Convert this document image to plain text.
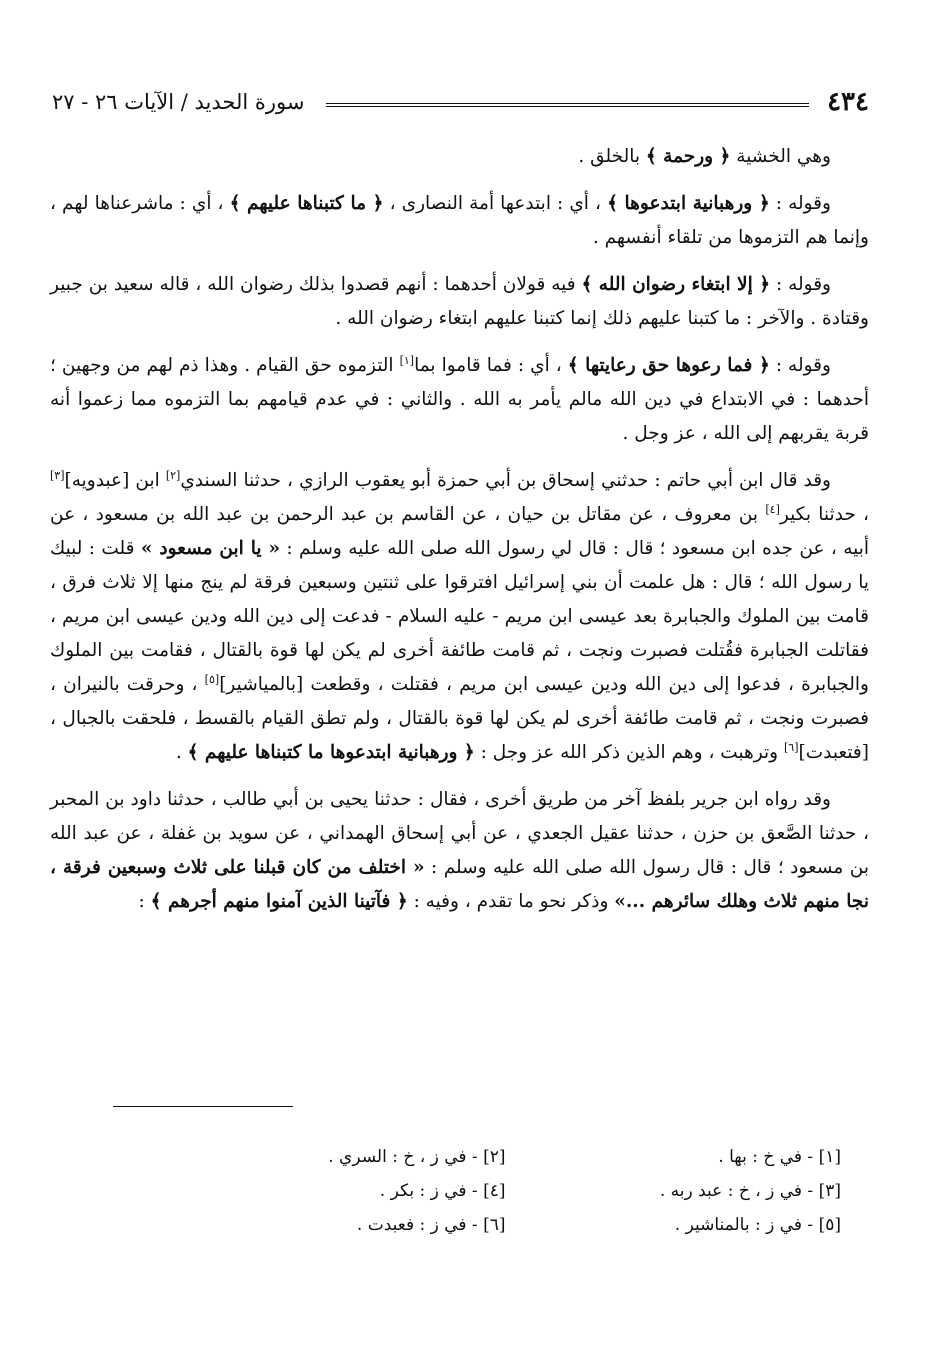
٤٣٤
سورة الحديد / الآيات ٢٦ - ٢٧

وهي الخشية ﴿ ورحمة ﴾ بالخلق .

وقوله : ﴿ ورهبانية ابتدعوها ﴾ ، أي : ابتدعها أمة النصارى ، ﴿ ما كتبناها عليهم ﴾ ، أي : ماشرعناها لهم ، وإنما هم التزموها من تلقاء أنفسهم .

وقوله : ﴿ إلا ابتغاء رضوان الله ﴾ فيه قولان أحدهما : أنهم قصدوا بذلك رضوان الله ، قاله سعيد بن جبير وقتادة . والآخر : ما كتبنا عليهم ذلك إنما كتبنا عليهم ابتغاء رضوان الله .

وقوله : ﴿ فما رعوها حق رعايتها ﴾ ، أي : فما قاموا بما[١] التزموه حق القيام . وهذا ذم لهم من وجهين ؛ أحدهما : في الابتداع في دين الله مالم يأمر به الله . والثاني : في عدم قيامهم بما التزموه مما زعموا أنه قربة يقربهم إلى الله ، عز وجل .

وقد قال ابن أبي حاتم : حدثني إسحاق بن أبي حمزة أبو يعقوب الرازي ، حدثنا السندي[٢] ابن [عبدويه][٣] ، حدثنا بكير[٤] بن معروف ، عن مقاتل بن حيان ، عن القاسم بن عبد الرحمن بن عبد الله بن مسعود ، عن أبيه ، عن جده ابن مسعود ؛ قال : قال لي رسول الله صلى الله عليه وسلم : « يا ابن مسعود » قلت : لبيك يا رسول الله ؛ قال : هل علمت أن بني إسرائيل افترقوا على ثنتين وسبعين فرقة لم ينج منها إلا ثلاث فرق ، قامت بين الملوك والجبابرة بعد عيسى ابن مريم - عليه السلام - فدعت إلى دين الله ودين عيسى ابن مريم ، فقاتلت الجبابرة فقُتلت فصبرت ونجت ، ثم قامت طائفة أخرى لم يكن لها قوة بالقتال ، فقامت بين الملوك والجبابرة ، فدعوا إلى دين الله ودين عيسى ابن مريم ، فقتلت ، وقطعت [بالمياشير][٥] ، وحرقت بالنيران ، فصبرت ونجت ، ثم قامت طائفة أخرى لم يكن لها قوة بالقتال ، ولم تطق القيام بالقسط ، فلحقت بالجبال ، [فتعبدت][٦] وترهبت ، وهم الذين ذكر الله عز وجل : ﴿ ورهبانية ابتدعوها ما كتبناها عليهم ﴾ .

وقد رواه ابن جرير بلفظ آخر من طريق أخرى ، فقال : حدثنا يحيى بن أبي طالب ، حدثنا داود بن المحبر ، حدثنا الصَّعق بن حزن ، حدثنا عقيل الجعدي ، عن أبي إسحاق الهمداني ، عن سويد بن غفلة ، عن عبد الله بن مسعود ؛ قال : قال رسول الله صلى الله عليه وسلم : « اختلف من كان قبلنا على ثلاث وسبعين فرقة ، نجا منهم ثلاث وهلك سائرهم ...» وذكر نحو ما تقدم ، وفيه : ﴿ فآتينا الذين آمنوا منهم أجرهم ﴾ :

[١] - في خ : بها .
[٢] - في ز ، خ : السري .
[٣] - في ز ، خ : عبد ربه .
[٤] - في ز : بكر .
[٥] - في ز : بالمناشير .
[٦] - في ز : فعبدت .
